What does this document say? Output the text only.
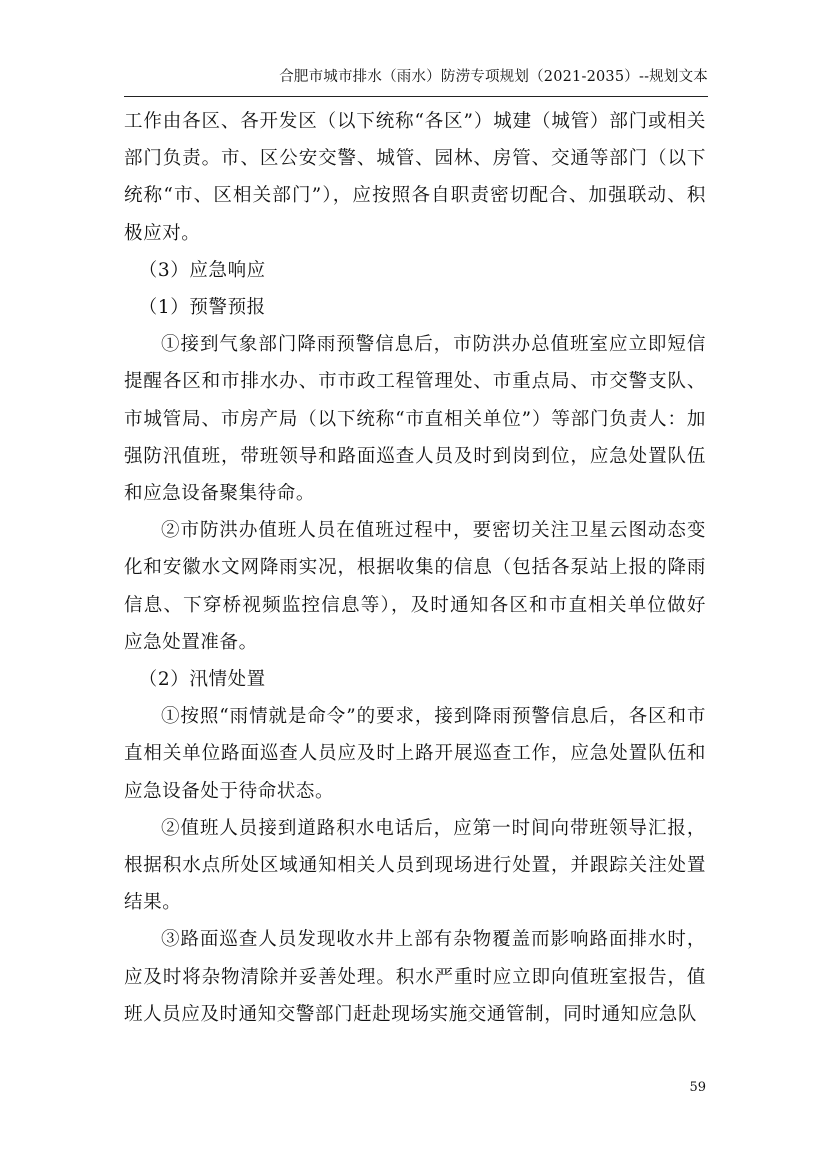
合肥市城市排水（雨水）防涝专项规划（2021-2035）--规划文本

工作由各区、各开发区（以下统称“各区”）城建（城管）部门或相关部门负责。市、区公安交警、城管、园林、房管、交通等部门（以下统称“市、区相关部门”），应按照各自职责密切配合、加强联动、积极应对。

（3）应急响应

（1）预警预报

①接到气象部门降雨预警信息后，市防洪办总值班室应立即短信提醒各区和市排水办、市市政工程管理处、市重点局、市交警支队、市城管局、市房产局（以下统称“市直相关单位”）等部门负责人：加强防汛值班，带班领导和路面巡查人员及时到岗到位，应急处置队伍和应急设备聚集待命。

②市防洪办值班人员在值班过程中，要密切关注卫星云图动态变化和安徽水文网降雨实况，根据收集的信息（包括各泵站上报的降雨信息、下穿桥视频监控信息等），及时通知各区和市直相关单位做好应急处置准备。

（2）汛情处置

①按照“雨情就是命令”的要求，接到降雨预警信息后，各区和市直相关单位路面巡查人员应及时上路开展巡查工作，应急处置队伍和应急设备处于待命状态。

②值班人员接到道路积水电话后，应第一时间向带班领导汇报，根据积水点所处区域通知相关人员到现场进行处置，并跟踪关注处置结果。

③路面巡查人员发现收水井上部有杂物覆盖而影响路面排水时，应及时将杂物清除并妥善处理。积水严重时应立即向值班室报告，值班人员应及时通知交警部门赶赴现场实施交通管制，同时通知应急队

59
